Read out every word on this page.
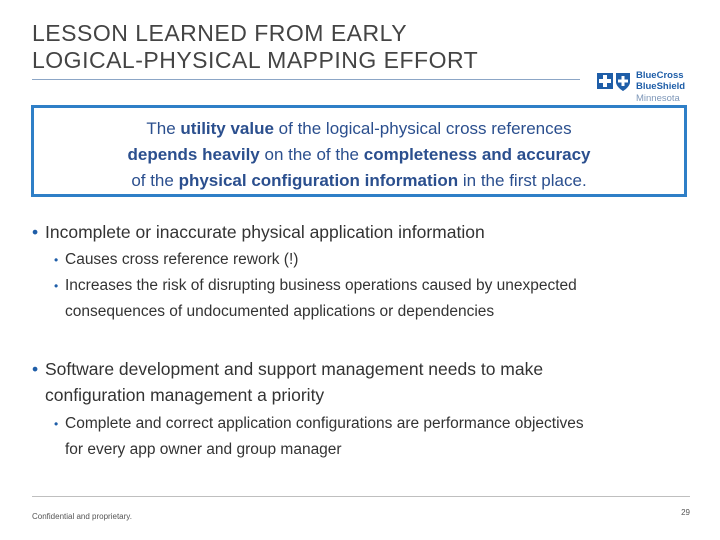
LESSON LEARNED FROM EARLY
LOGICAL-PHYSICAL MAPPING EFFORT
BlueCross
BlueShield
Minnesota
The utility value of the logical-physical cross references
depends heavily on the of the completeness and accuracy
of the physical configuration information in the first place.
• Incomplete or inaccurate physical application information
• Causes cross reference rework (!)
• Increases the risk of disrupting business operations caused by unexpected
consequences of undocumented applications or dependencies
• Software development and support management needs to make
configuration management a priority
• Complete and correct application configurations are performance objectives
for every app owner and group manager
Confidential and proprietary.	29
